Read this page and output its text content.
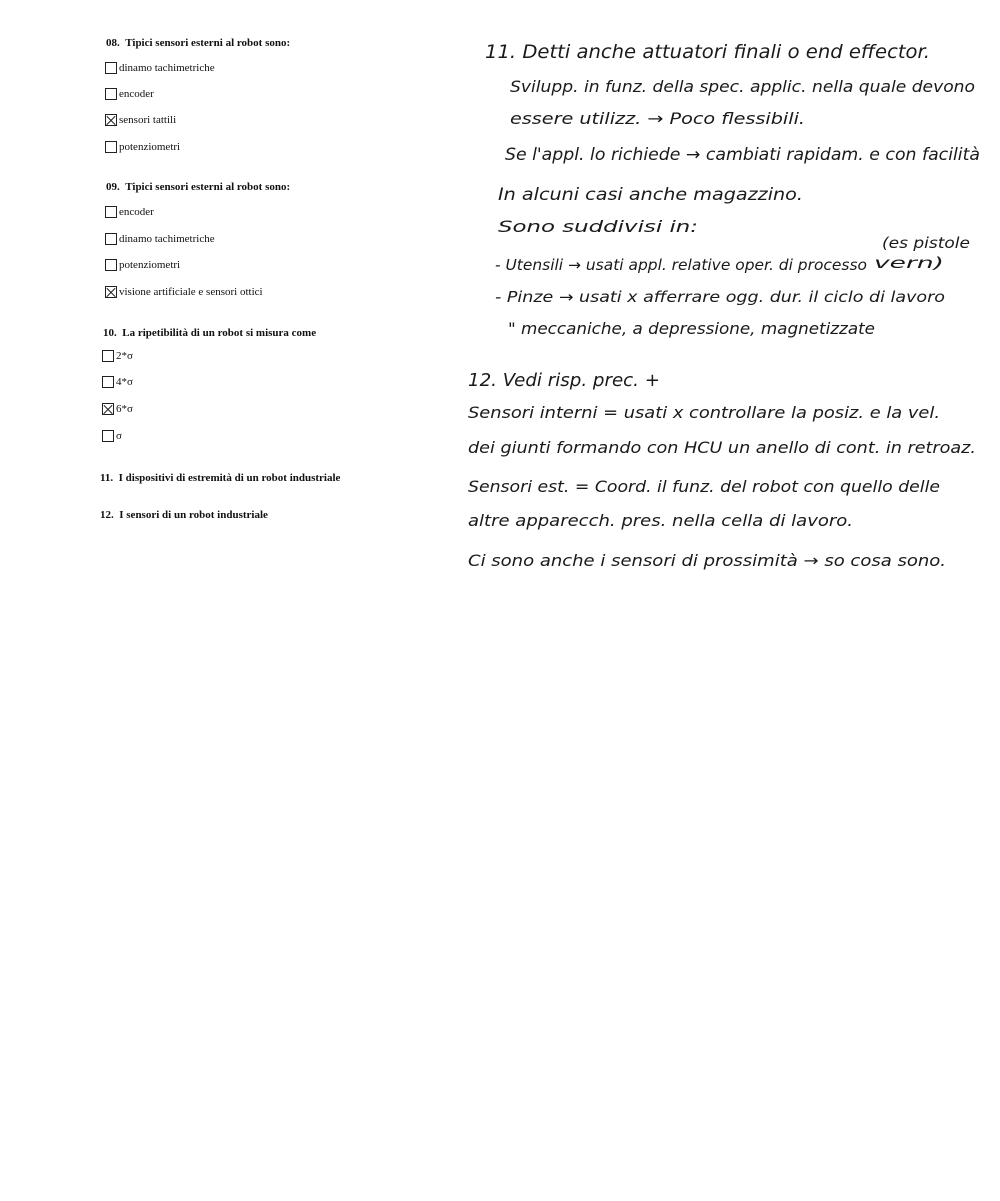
08. Tipici sensori esterni al robot sono:
dinamo tachimetriche
encoder
sensori tattili
potenziometri
09. Tipici sensori esterni al robot sono:
encoder
dinamo tachimetriche
potenziometri
visione artificiale e sensori ottici
10. La ripetibilità di un robot si misura come
2*σ
4*σ
6*σ
σ
11. I dispositivi di estremità di un robot industriale
12. I sensori di un robot industriale
11. Detti anche attuatori finali o end effector.
Svilupp. in funz. della spec. applic. nella quale devono
essere utilizz. → Poco flessibili.
Se l'appl. lo richiede → cambiati rapidam. e con facilità
In alcuni casi anche magazzino.
Sono suddivisi in:
(es pistole
- Utensili → usati appl. relative oper. di processo vern)
- Pinze → usati x afferrare ogg. dur. il ciclo di lavoro
" meccaniche, a depressione, magnetizzate
12. Vedi risp. prec. +
Sensori interni = usati x controllare la posiz. e la vel.
dei giunti formando con HCU un anello di cont. in retroaz.
Sensori est. = Coord. il funz. del robot con quello delle
altre apparecch. pres. nella cella di lavoro.
Ci sono anche i sensori di prossimità → so cosa sono.
